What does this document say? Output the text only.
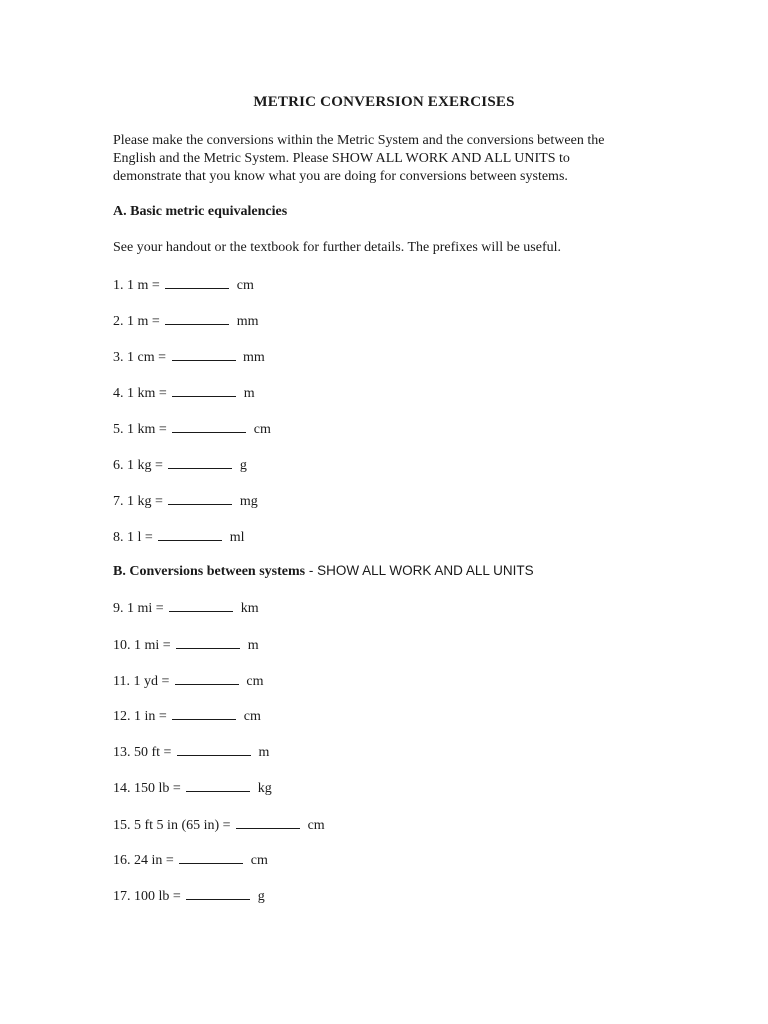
METRIC CONVERSION EXERCISES
Please make the conversions within the Metric System and the conversions between the
English and the Metric System. Please SHOW ALL WORK AND ALL UNITS to
demonstrate that you know what you are doing for conversions between systems.
A. Basic metric equivalencies
See your handout or the textbook for further details. The prefixes will be useful.
1. 1 m =	cm
2. 1 m =	mm
3. 1 cm =	mm
4. 1 km =	m
5. 1 km =	cm
6. 1 kg =	g
7. 1 kg =	mg
8. 1 l =	ml
B. Conversions between systems - SHOW ALL WORK AND ALL UNITS
9. 1 mi =	km
10. 1 mi =	m
11. 1 yd =	cm
12. 1 in =	cm
13. 50 ft =	m
14. 150 lb =	kg
15. 5 ft 5 in (65 in) =	cm
16. 24 in =	cm
17. 100 lb =	g
